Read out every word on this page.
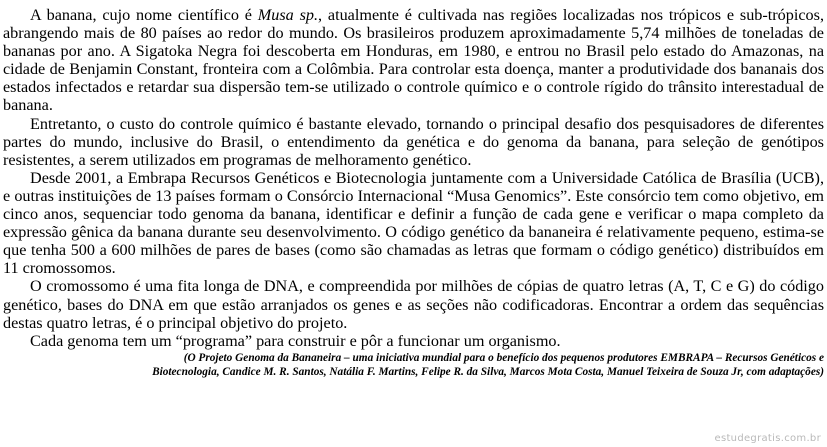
A banana, cujo nome científico é Musa sp., atualmente é cultivada nas regiões localizadas nos trópicos e sub-trópicos, abrangendo mais de 80 países ao redor do mundo. Os brasileiros produzem aproximadamente 5,74 milhões de toneladas de bananas por ano. A Sigatoka Negra foi descoberta em Honduras, em 1980, e entrou no Brasil pelo estado do Amazonas, na cidade de Benjamin Constant, fronteira com a Colômbia. Para controlar esta doença, manter a produtividade dos bananais dos estados infectados e retardar sua dispersão tem-se utilizado o controle químico e o controle rígido do trânsito interestadual de banana.

Entretanto, o custo do controle químico é bastante elevado, tornando o principal desafio dos pesquisadores de diferentes partes do mundo, inclusive do Brasil, o entendimento da genética e do genoma da banana, para seleção de genótipos resistentes, a serem utilizados em programas de melhoramento genético.

Desde 2001, a Embrapa Recursos Genéticos e Biotecnologia juntamente com a Universidade Católica de Brasília (UCB), e outras instituições de 13 países formam o Consórcio Internacional “Musa Genomics”. Este consórcio tem como objetivo, em cinco anos, sequenciar todo genoma da banana, identificar e definir a função de cada gene e verificar o mapa completo da expressão gênica da banana durante seu desenvolvimento. O código genético da bananeira é relativamente pequeno, estima-se que tenha 500 a 600 milhões de pares de bases (como são chamadas as letras que formam o código genético) distribuídos em 11 cromossomos.

O cromossomo é uma fita longa de DNA, e compreendida por milhões de cópias de quatro letras (A, T, C e G) do código genético, bases do DNA em que estão arranjados os genes e as seções não codificadoras. Encontrar a ordem das sequências destas quatro letras, é o principal objetivo do projeto.

Cada genoma tem um “programa” para construir e pôr a funcionar um organismo.

(O Projeto Genoma da Bananeira – uma iniciativa mundial para o benefício dos pequenos produtores EMBRAPA – Recursos Genéticos e
Biotecnologia, Candice M. R. Santos, Natália F. Martins, Felipe R. da Silva, Marcos Mota Costa, Manuel Teixeira de Souza Jr, com adaptações)
estudegratis.com.br
